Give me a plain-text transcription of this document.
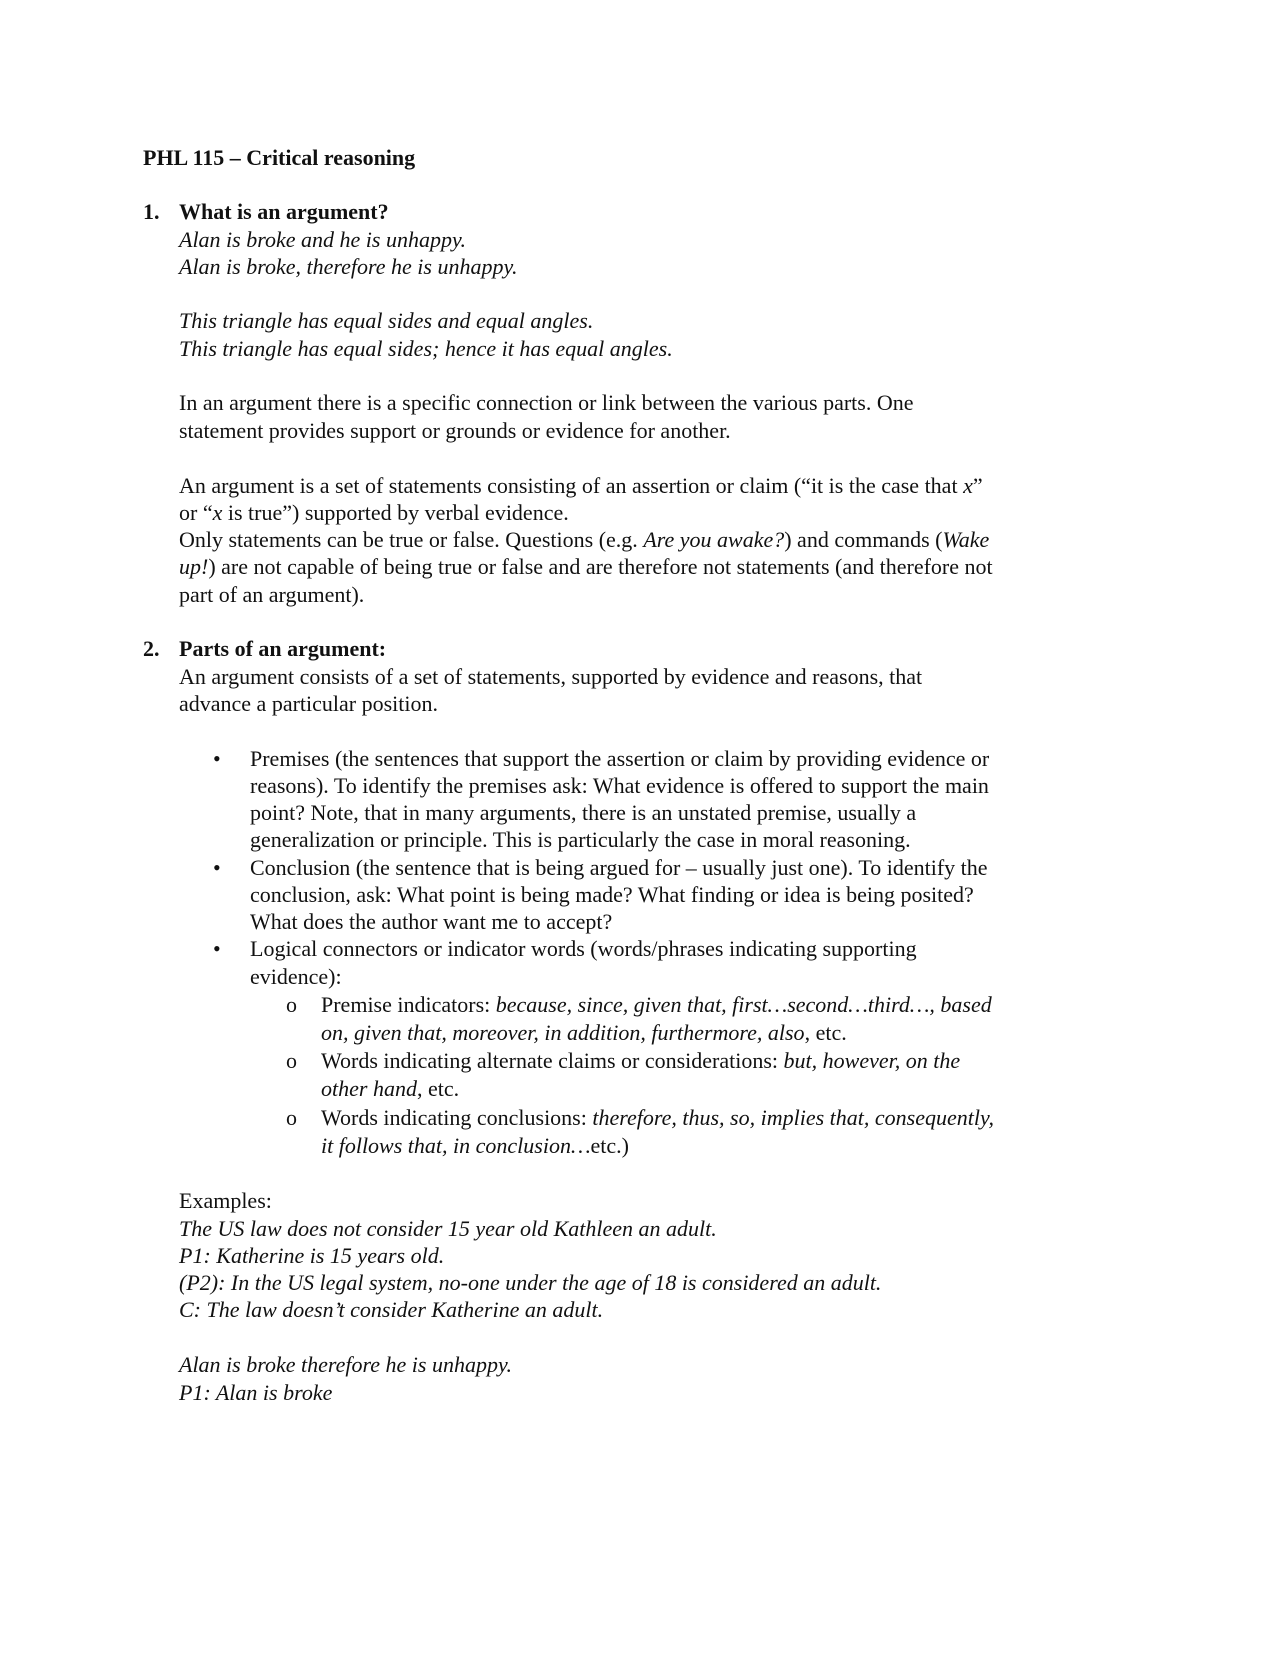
PHL 115 – Critical reasoning
1. What is an argument?
Alan is broke and he is unhappy.
Alan is broke, therefore he is unhappy.
This triangle has equal sides and equal angles.
This triangle has equal sides; hence it has equal angles.
In an argument there is a specific connection or link between the various parts. One
statement provides support or grounds or evidence for another.
An argument is a set of statements consisting of an assertion or claim (“it is the case that x”
or “x is true”) supported by verbal evidence.
Only statements can be true or false. Questions (e.g. Are you awake?) and commands (Wake
up!) are not capable of being true or false and are therefore not statements (and therefore not
part of an argument).
2. Parts of an argument:
An argument consists of a set of statements, supported by evidence and reasons, that
advance a particular position.
• Premises (the sentences that support the assertion or claim by providing evidence or
reasons). To identify the premises ask: What evidence is offered to support the main
point? Note, that in many arguments, there is an unstated premise, usually a
generalization or principle. This is particularly the case in moral reasoning.
• Conclusion (the sentence that is being argued for – usually just one). To identify the
conclusion, ask: What point is being made? What finding or idea is being posited?
What does the author want me to accept?
• Logical connectors or indicator words (words/phrases indicating supporting
evidence):
o Premise indicators: because, since, given that, first…second…third…, based
on, given that, moreover, in addition, furthermore, also, etc.
o Words indicating alternate claims or considerations: but, however, on the
other hand, etc.
o Words indicating conclusions: therefore, thus, so, implies that, consequently,
it follows that, in conclusion…etc.)
Examples:
The US law does not consider 15 year old Kathleen an adult.
P1: Katherine is 15 years old.
(P2): In the US legal system, no-one under the age of 18 is considered an adult.
C: The law doesn’t consider Katherine an adult.
Alan is broke therefore he is unhappy.
P1: Alan is broke
